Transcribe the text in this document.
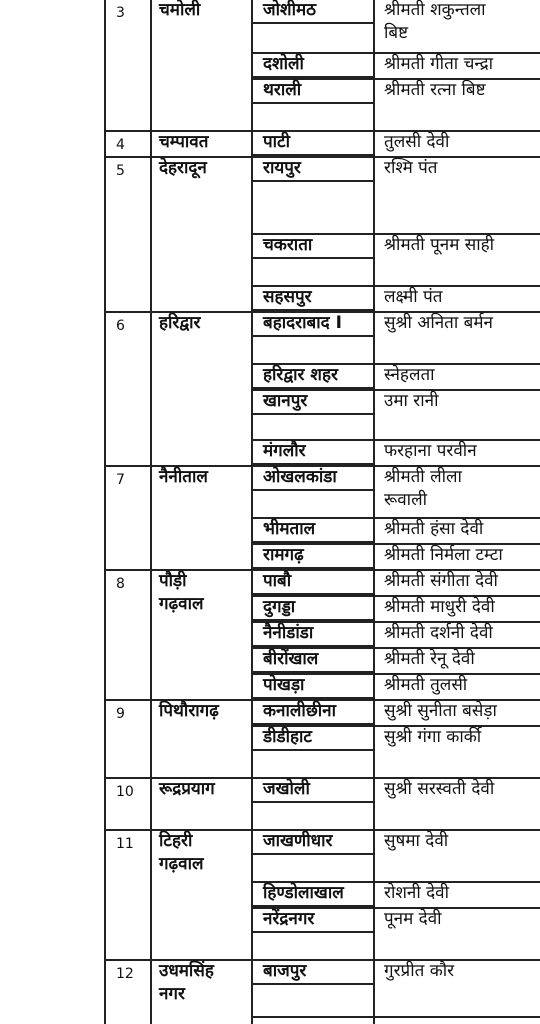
3	चमोली	जोशीमठ	श्रीमती शकुन्तला
बिष्ट
दशोली	श्रीमती गीता चन्द्रा
थराली	श्रीमती रत्ना बिष्ट
4	चम्पावत	पाटी	तुलसी देवी
5	देहरादून	रायपुर	रश्मि पंत
चकराता	श्रीमती पूनम साही
सहसपुर	लक्ष्मी पंत
6	हरिद्वार	बहादराबाद I	सुश्री अनिता बर्मन
हरिद्वार शहर	स्नेहलता
खानपुर	उमा रानी
मंगलौर	फरहाना परवीन
7	नैनीताल	ओखलकांडा	श्रीमती लीला
रूवाली
भीमताल	श्रीमती हंसा देवी
रामगढ़	श्रीमती निर्मला टम्टा
8	पौड़ी
गढ़वाल
पाबौ	श्रीमती संगीता देवी
दुगड्डा	श्रीमती माधुरी देवी
नैनीडांडा	श्रीमती दर्शनी देवी
बीरोंखाल	श्रीमती रेनू देवी
पोखड़ा	श्रीमती तुलसी
9	पिथौरागढ़	कनालीछीना	सुश्री सुनीता बसेड़ा
डीडीहाट	सुश्री गंगा कार्की
10	रूद्रप्रयाग	जखोली	सुश्री सरस्वती देवी
11	टिहरी
गढ़वाल
जाखणीधार	सुषमा देवी
हिण्डोलाखाल	रोशनी देवी
नरेंद्रनगर	पूनम देवी
12	उधमसिंह
नगर
बाजपुर	गुरप्रीत कौर
